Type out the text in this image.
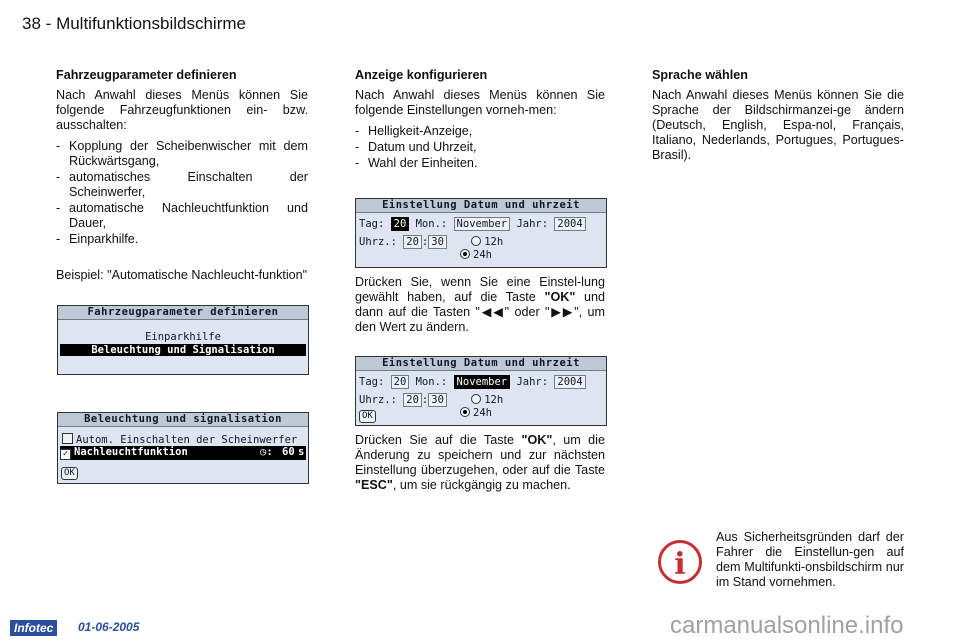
38 - Multifunktionsbildschirme
Fahrzeugparameter definieren

Nach Anwahl dieses Menüs können Sie folgende Fahrzeugfunktionen ein- bzw. ausschalten:

- Kopplung der Scheibenwischer mit dem Rückwärtsgang,
- automatisches Einschalten der Scheinwerfer,
- automatische Nachleuchtfunktion und Dauer,
- Einparkhilfe.

Beispiel: "Automatische Nachleucht-funktion"

Fahrzeugparameter definieren
Einparkhilfe
Beleuchtung und Signalisation
Beleuchtung und signalisation
Autom. Einschalten der Scheinwerfer
✓ Nachleuchtfunktion	◷: 60 s
OK
Anzeige konfigurieren

Nach Anwahl dieses Menüs können Sie folgende Einstellungen vorneh-men:

- Helligkeit-Anzeige,
- Datum und Uhrzeit,
- Wahl der Einheiten.
Einstellung Datum und uhrzeit
Tag: 20 Mon.: November Jahr: 2004
Uhrz.: 20 : 30	12h
24h

Drücken Sie, wenn Sie eine Einstel-lung gewählt haben, auf die Taste "OK" und dann auf die Tasten "◀◀" oder "▶▶", um den Wert zu ändern.

Einstellung Datum und uhrzeit
Tag: 20 Mon.: November Jahr: 2004
Uhrz.: 20 : 30	12h
24h
OK

Drücken Sie auf die Taste "OK", um die Änderung zu speichern und zur nächsten Einstellung überzugehen, oder auf die Taste "ESC", um sie rückgängig zu machen.

Sprache wählen

Nach Anwahl dieses Menüs können Sie die Sprache der Bildschirmanzei-ge ändern (Deutsch, English, Espa-nol, Français, Italiano, Nederlands, Portugues, Portugues-Brasil).

i

Aus Sicherheitsgründen darf der Fahrer die Einstellun-gen auf dem Multifunkti-onsbildschirm nur im Stand vornehmen.

Infotec	01-06-2005	carmanualsonline.info
